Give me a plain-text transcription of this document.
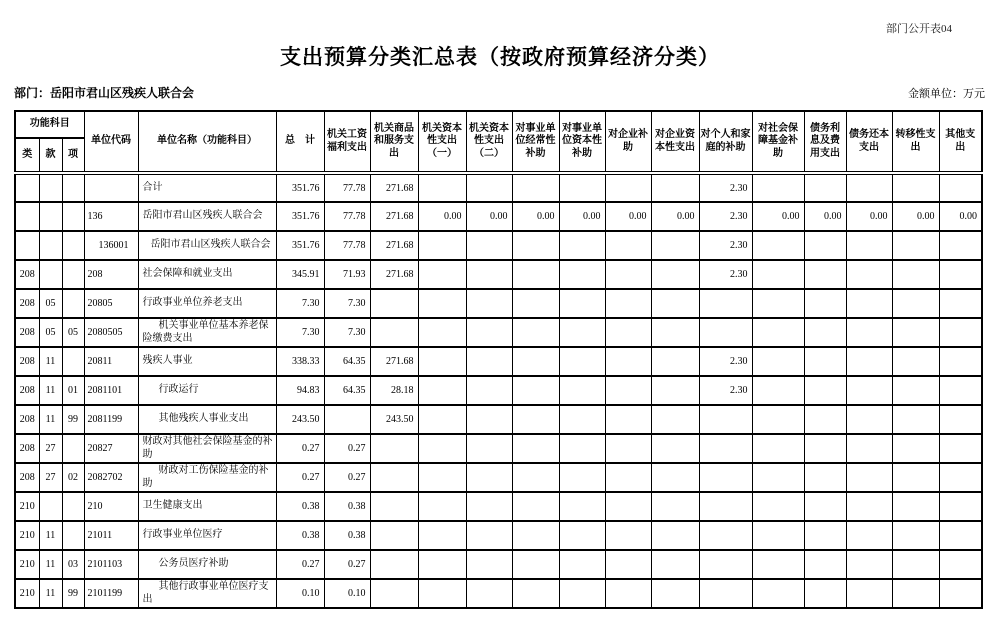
部门公开表04
支出预算分类汇总表（按政府预算经济分类）
部门：岳阳市君山区残疾人联合会	金额单位：万元
功能科目			单位代码	单位名称（功能科目）	总　计	机关工资福利支出	机关商品和服务支出	机关资本性支出（一）	机关资本性支出（二）	对事业单位经常性补助	对事业单位资本性补助	对企业补助	对企业资本性支出	对个人和家庭的补助	对社会保障基金补助	债务利息及费用支出	债务还本支出	转移性支出	其他支出
类	款	项																	
				合计	351.76	77.78	271.68							2.30					
			136	岳阳市君山区残疾人联合会	351.76	77.78	271.68	0.00	0.00	0.00	0.00	0.00	0.00	2.30	0.00	0.00	0.00	0.00	0.00
			136001	岳阳市君山区残疾人联合会	351.76	77.78	271.68							2.30					
208			208	社会保障和就业支出	345.91	71.93	271.68							2.30					
208	05		20805	行政事业单位养老支出	7.30	7.30													
208	05	05	2080505	机关事业单位基本养老保险缴费支出	7.30	7.30													
208	11		20811	残疾人事业	338.33	64.35	271.68							2.30					
208	11	01	2081101	行政运行	94.83	64.35	28.18							2.30					
208	11	99	2081199	其他残疾人事业支出	243.50		243.50												
208	27		20827	财政对其他社会保险基金的补助	0.27	0.27													
208	27	02	2082702	财政对工伤保险基金的补助	0.27	0.27													
210			210	卫生健康支出	0.38	0.38													
210	11		21011	行政事业单位医疗	0.38	0.38													
210	11	03	2101103	公务员医疗补助	0.27	0.27													
210	11	99	2101199	其他行政事业单位医疗支出	0.10	0.10													
